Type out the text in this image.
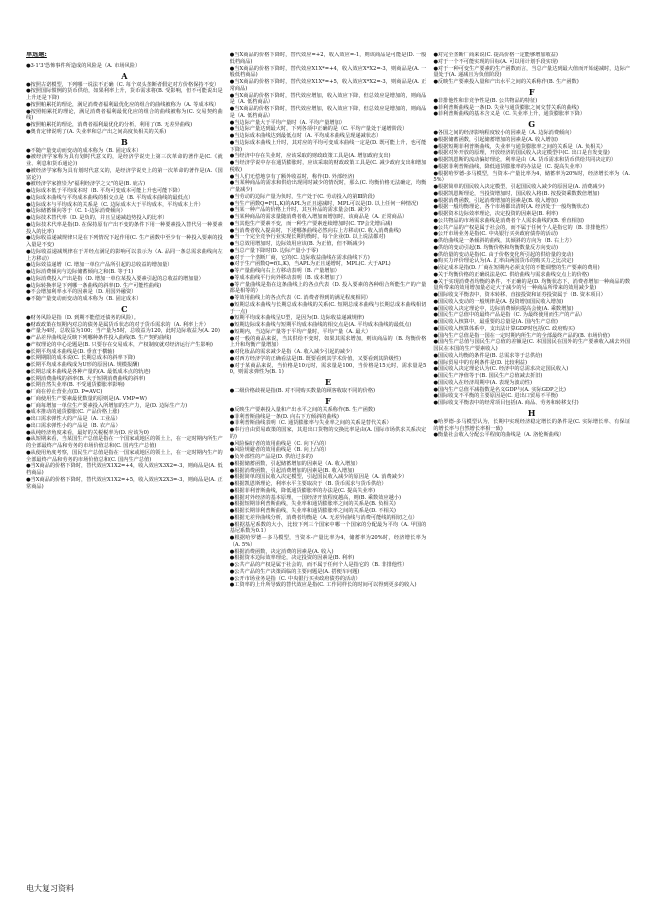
单选题:
●3·1'3'恐怖事件所造成的风险是（A. 市场风险）
A
●按照古诺模型，下列哪一说法不正确（C. 每个双头垄断者假定对方价格保持不变）
●按照国际惯例的货币供给，如果利率上升，货币需求将(B. 受影响，但不可能说出是上升还是下降)
●按照帕累托的理论，满足消费者福利最优化应的组合的曲线被称为（A. 等成本线）
●按照帕累托的理论，满足消费者福利最优化应的组合的曲线被称为(C. 交易契约曲线)
●按照帕累托的理论，消费者福利最优化的分析，利用了(B. 无差异曲线)
●奥肯定律说明了(A. 失业率和总产出之间高度负相关的关系)
B
●不随产量变动而变动的成本称为（B. 固定成本）
●被经济学家称为具有划时代意义的，是经济学说史上第三次革命的著作是(C.《就业、利息和货币通论》)
●被经济学家称为具有划时代意义的，是经济学说史上的第一次革命的著作是(A.《国富论》)
●被经济学家推崇为"福利经济学之父"的是(B. 庇古)
●边际成本低于平均成本时（B. 平均可变成本可能上升也可能下降）
●边际成本曲线与平均成本曲线的相交点是（B. 平均成本曲线的最低点）
●边际成本与平均成本的关系是（C. 边际成本大于平均成本，平均成本上升）
●边际储蓄倾向等于（C. 1-边际消费倾向）
●边际技术替代率（D. 是负的，并且呈递减趋势投入的比率）
●边际技术代率是指(D. 在保持原有产出不变的条件下用一种要素投入替代另一种要素投入的比率)
●边际收益递减规律只是在下列情况下起作用(C. 生产函数中至少有一种投入要素的投入量是不变)
●边际收益递减规律在于并经点满足的影响可以表示为（A. 品同一条总需求曲线向左上方移动）
●边际效益递增（C. 增加一单位产品所引起的总收益的增加量）
●边际消费倾向与边际储蓄倾向之和(B. 等于1)
●边际消费投入产出是指（D. 增加一单位某投入要素引起的总收益的增加量）
●边际转换率是下列哪一条曲线的斜率(D. 生产可能性曲线)
●不会增加利率水平的因素是（D. 用国外融资）
●不随产量变动而变动的成本称为（B. 固定成本）
C
●财务风险是指（D. 到期不能偿还债务的风险）。
●财政政策在短期内对总的债务是属货币状态的对于货币需求的（A. 利率上升）
●产量为4时，总收益为100；当产量为5时，总收益为120，此时边际收益为(A. 20)
●产品差异曲线是反映下列哪种条件投入曲线(B. 生产契约曲线)
●产权理论的中心论题是(B. 只要存在交易成本，产权制度就对经济运行产生影响)
●长期平均成本曲线是(D. 垂直于横轴)
●长期期限的成本说(C. 长期总成本的斜率下降)
●长期平均成本曲线成为U形的原因(A. 规模报酬)
●长期总成本曲线是各种产量的(A. 最低成本点的轨迹)
●长期消费曲线的斜率(B. 大于短期消费曲线的斜率)
●长期自然失业率(B. 不受通货膨胀率影响)
●厂商在停止营业点(D. P=AVC)
●厂商使用生产要素最优数量的原则是(A. VMP=W)
●厂商每增加一单位生产要素投入所增加的生产力，是(D. 边际生产力)
●成本推动的通货膨胀(C. 产品价格上涨)
●出口需求弹性大的产品是（A. 工业品）
●出口需求弹性小的产品是（B. 农产品）
●从纯经济角度来看，最好的关税税率为(D. 应该为0)
●从短期来看，当某国生产总值是指在一个国家或地区的领土上，在一定时期内所生产的全部最终产品和劳务的市场价值总和(C. 国内生产总值)
●从使用角度考察，国民生产总值是指在一国家或地区的领土上，在一定时期内生产的全部最终产品和劳务的市场价值总和(C. 国内生产总值)
●当X商品的价格下降时，替代效应X1X2=+4，收入效应X3X2=-3，则商品是(A. 低档商品)
●当X商品的价格下降时，替代效应X1X2=+5，收入效应X2X3=-3，则商品是(A. 正常商品)
●当X商品的价格下降时，替代效应=+2，收入效应=-1，则该商品是可能是(D. 一般低档商品)
●当X商品的价格下降时，替代效应X1X*=+4，收入效应X*X2=-3，则商品是(A. 一般低档商品)
●当X商品的价格下降时，替代效应X1X*=+5，收入效应X*X2=-3，则商品是(A. 正常商品)
●当X商品的价格下降时，替代效应增加，收入效应下降，但总效应是增加的，则商品是（A. 低档商品）
●当X商品的价格下降时，替代效应增加，收入效应下降，但总效应是增加的，则商品是（A. 低档商品）
●当边际产量大于平均产量时（A. 平均产量增加）
●当边际产量达到最大时，下列各项中正确的是（C. 平均产量处于递增阶段）
●当边际成本曲线达到最低点时（A. 平均成本曲线呈现递减状态）
●当边际成本曲线上升时，其对应的平均可变成本曲线一定是(D. 既可能上升，也可能下降)
●当经济中存在失业时，应该采取的财政政策工具是(A. 增加政府支出)
●当经济学说中存在通货膨胀时，应该采取的财政政策工具是(C. 减少政府支出和增加税收)
●当人们无偿地享有了额外收益时，称作(D. 外部经济)
●当某种商品的需求和供给出现同时减少的情况时，那么(C. 均衡价格无法确定，均衡产量减少)
●当劳动的边际产量为负时，生产处于(C. 劳动投入的第Ⅲ阶段)
●当生产函数Q=F(L,K)的APL为正且递减时，MPL可以是(D. 以上任何一种情况)
●当某一种产品的价格上升时，其互补品的需求量会(B. 减少)
●当某种商品的需求量随消费者收入增加而增加时，该商品是（A. 正常商品）
●当其他生产要素不变，而一种生产要素连续增加时(C. TP会先增后减)
●当消费者收入提高时，下述哪条曲线必然向右上方移动(C. 收入消费曲线)
●当一个完全竞争行业实现长期均衡时，每个企业(D. 以上说法都对)
●当总效用增加时，边际效用应该(B. 为正值，但不断减少)
●当总产量下降时(D. 边际产量小于零)
●对于一个垄断厂商，它的(C. 边际收益曲线在需求曲线下方)
●对于生产函数Q=f(L,K)，当APL为正且递增时，MPL(C. 大于APL)
●等产量曲线向右上方移动表明（B. 产量增加）
●等成本曲线平行向外移动表明（B. 成本增加了）
●等产量曲线是指在这条曲线上的各点代表（D. 投入要素的各种组合所能生产的产量都是相等的）
●等效用曲线上的各点代表（C. 消费者得到的满足程度相同）
●短期总成本曲线与长期总成本曲线的关系(C. 短期总成本曲线与长期总成本曲线相切于一点)
●短期平均成本曲线呈U型，是因为(D. 边际收益递减规律)
●短期边际成本曲线与短期平均成本曲线的相交点是(A. 平均成本曲线的最低点)
●短期内，当边际产量等于平均产量时，平均产量（A. 最大）
●对一般的商品来说，当其供给不变时，如果其需求增加，则该商品的（B. 均衡价格上升和均衡产量增加）
●对化妆品的需求减少是指（A. 收入减少引起的减少）
●对西方经济学的正确看法是(B. 既要看到其学术价值，又要看到其阶级性)
●对于某商品来说，当价格是10元时，需求量是100，当价格是15元时，需求量是50，则需求弹性为(B. 1)
E
●二级价格歧视是指(B. 对不同购买数量的顾客收取不同的价格)
F
●反映生产要素投入量和产出水平之间的关系称作(B. 生产函数)
●菲利普斯曲线是一条(D. 向右下方倾斜的曲线)
●菲利普斯曲线表明（C. 通货膨胀率与失业率之间的关系是替代关系）
●奉行自由贸易政策的国家，其进出口货物的交换比率是由(A. 国际市场供求关系决定的)
●风险偏好者的效用曲线是（C. 向下凸的）
●风险规避者的效用曲线是（B. 向上凸的）
●负外部性的产品是(D. 供给过多的)
●根据储蓄函数，引起储蓄增加的因素是（A. 收入增加）
●根据消费函数，引起消费增加的因素是(B. 收入增加)
●根据简单的国民收入决定模型，引起国民收入减少的原因是（A. 消费减少）
●根据凯恩斯理论，利率水平主要取决于（B. 货币需求与货币供给）
●根据菲利普斯曲线，降低通货膨胀率的办法是(C. 提高失业率)
●根据对外经济的基本原理，一国经济开放程度越高，则(B. 乘数效应越小)
●根据短期菲利普斯曲线，失业率和通货膨胀率之间的关系是(B. 负相关)
●根据长期菲利普斯曲线，失业率和通货膨胀率之间的关系是(D. 不相关)
●根据无差异曲线分析，消费者均衡是（A. 无差异曲线与消费可能线的相切之点）
●根据基尼系数的大小，比较下列三个国家中哪一个国家的分配最为平均（A. 甲国的基尼系数为0.1）
●根据哈罗德－多马模型，当资本-产量比率为4，储蓄率为20%时，经济增长率为（A. 5%）
●根据消费函数，决定消费的因素是(A. 收入)
●根据资本边际效率理论，决定投资的因素是(B. 利率)
●公共产品的产权是属于社会的，而不属于任何个人是指它的（B. 非排他性）
●公共产品的生产决策面临的主要问题是(A. 搭便车问题)
●公开市场业务是指（C. 中央银行买卖政府债券的活动）
●工资率的上升所导致的替代效应是指(C. 工作同样长的时间可以得到更多的收入)
●对完全垄断厂商来说(C. 提高价格一定能够增加收益)
●对于一个不可能实现的目标(A. 可以用计划手段实现)
●对于一种可变生产要素的生产函数而言，当总产量达到最大值而开始递减时，边际产量处于(A. 递减且为负值阶段)
●反映生产要素投入量和产出水平之间的关系称作(B. 生产函数)
F
●非排他性和非竞争性是(B. 公共物品的特征)
●菲利普斯曲线是一条(D. 失业与通货膨胀之间交替关系的曲线)
●菲利普斯曲线的基本含义是（C. 失业率上升，通货膨胀率下降）
G
●各国之间的经济影响程度较小的因素是（A. 边际消费倾向）
●根据储蓄函数，引起储蓄增加的因素是(A. 收入增加)
●根据短期菲利普斯曲线，失业率与通货膨胀率之间的关系是（A. 负相关）
●根据对外开放的原理，开放经济的国民收入决定模型中(C. 出口是自发变量)
●根据凯恩斯的流动偏好理论，利率是由（A. 货币需求和货币供给共同决定的）
●根据菲利普斯曲线，降低通货膨胀率的办法是（C. 提高失业率）
●根据哈罗德-多马模型，当资本-产量比率为4，储蓄率为20%时，经济增长率为（A. 5%）
●根据简单的国民收入决定模型，引起国民收入减少的原因是(A. 消费减少)
●根据凯恩斯理论，当投资增加时，国民收入将(B. 按投资乘数数倍增加)
●根据消费函数，引起消费增加的因素是(B. 收入增加)
●根据一般均衡理论，各个市场都出清时(A. 经济处于一般均衡状态)
●根据资本边际效率理论，决定投资的因素是(B. 利率)
●公共物品的市场需求曲线是消费者个人需求曲线的(B. 垂直相加)
●公共产品的产权是属于社会的，而不属于任何个人是指它的（B. 非排他性）
●公开市场业务是指(C. 中央银行买卖政府债券的活动)
●供给曲线是一条倾斜的曲线，其倾斜的方向为（B. 右上方）
●供给的变动引起(B. 均衡价格和均衡数量反方向变动)
●供给量的变动是指(C. 由于价格变化所引起的供给量的变动)
●购买力评价理论认为(A. 汇率由两国货币的购买力之比决定)
●固定成本是指(D. 厂商在短期内必须支付的不能调整的生产要素的费用)
●关于均衡价格的正确说法是(C. 供给曲线与需求曲线交点上的价格)
●关于实现消费者均衡的条件，不正确的是(D. 均衡状态下，消费者增加一种商品的数量所带来的效用增加量必定大于减少的另一种商品所带来的效用减少量)
●国际收支平衡表中，资本转移、直接投资和证券投资属于（B. 资本项目）
●国民收入变动的一般规律是(A. 投资增加国民收入增加)
●国民收入决定理论中，边际消费倾向提高会使(A. 乘数增加)
●国民生产总值中的最终产品是指（C. 为最终使用而生产的产品）
●国民收入核算中，最重要的总量是(A. 国内生产总值)
●国民收入核算体系中，支出法计算GDP时包括(C. 政府购买)
●国内生产总值是指一国在一定时期内所生产的全部最终产品的(B. 市场价值)
●国内生产总值与国民生产总值的差额是(C. 本国国民在国外的生产要素收入减去外国国民在本国的生产要素收入)
●国民收入均衡的条件是(B. 总需求等于总供给)
●国际贸易中的有利条件是(D. 比较利益)
●国民收入决定理论认为(C. 经济中的总需求决定国民收入)
●国民生产净值等于(B. 国民生产总值减去折旧)
●国民收入在经济周期中(A. 表现为波动性)
●国内生产总值平减指数是名义GDP与(A. 实际GDP之比)
●国际收支不平衡的主要原因是(C. 进出口贸易不平衡)
●国际收支平衡表中的经常项目包括(A. 商品、劳务和转移支付)
H
●哈罗德-多马模型认为，长期中实现经济稳定增长的条件是(C. 实际增长率、有保证的增长率与自然增长率相一致)
●衡量社会收入分配公平程度的曲线是（A. 洛伦斯曲线）
电大复习资料
